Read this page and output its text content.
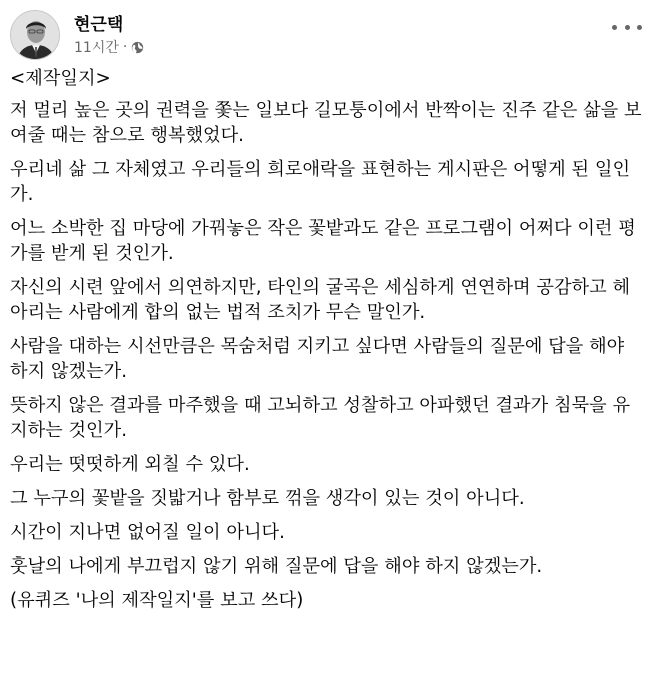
현근택
11시간 ·

<제작일지>

저 멀리 높은 곳의 권력을 쫓는 일보다 길모퉁이에서 반짝이는 진주 같은 삶을 보여줄 때는 참으로 행복했었다.

우리네 삶 그 자체였고 우리들의 희로애락을 표현하는 게시판은 어떻게 된 일인가.

어느 소박한 집 마당에 가꿔놓은 작은 꽃밭과도 같은 프로그램이 어쩌다 이런 평가를 받게 된 것인가.

자신의 시련 앞에서 의연하지만, 타인의 굴곡은 세심하게 연연하며 공감하고 헤아리는 사람에게 합의 없는 법적 조치가 무슨 말인가.

사람을 대하는 시선만큼은 목숨처럼 지키고 싶다면 사람들의 질문에 답을 해야 하지 않겠는가.

뜻하지 않은 결과를 마주했을 때 고뇌하고 성찰하고 아파했던 결과가 침묵을 유지하는 것인가.

우리는 떳떳하게 외칠 수 있다.

그 누구의 꽃밭을 짓밟거나 함부로 꺾을 생각이 있는 것이 아니다.

시간이 지나면 없어질 일이 아니다.

훗날의 나에게 부끄럽지 않기 위해 질문에 답을 해야 하지 않겠는가.

(유퀴즈 '나의 제작일지'를 보고 쓰다)
